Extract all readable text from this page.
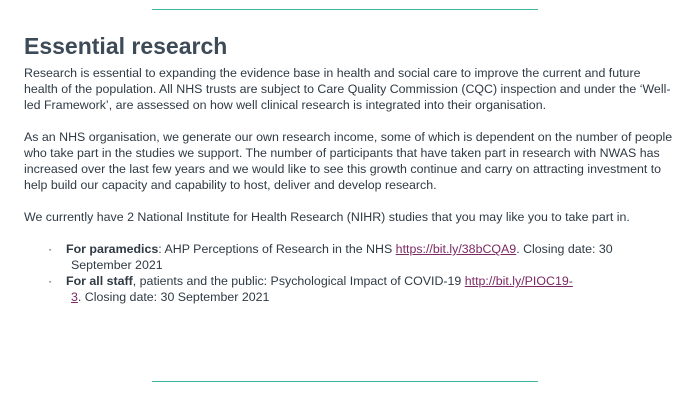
Essential research

Research is essential to expanding the evidence base in health and social care to improve the current and future health of the population. All NHS trusts are subject to Care Quality Commission (CQC) inspection and under the ‘Well-led Framework’, are assessed on how well clinical research is integrated into their organisation.

As an NHS organisation, we generate our own research income, some of which is dependent on the number of people who take part in the studies we support. The number of participants that have taken part in research with NWAS has increased over the last few years and we would like to see this growth continue and carry on attracting investment to help build our capacity and capability to host, deliver and develop research.

We currently have 2 National Institute for Health Research (NIHR) studies that you may like you to take part in.

· For paramedics: AHP Perceptions of Research in the NHS https://bit.ly/38bCQA9. Closing date: 30
September 2021
· For all staff, patients and the public: Psychological Impact of COVID-19 http://bit.ly/PIOC19-
3. Closing date: 30 September 2021
